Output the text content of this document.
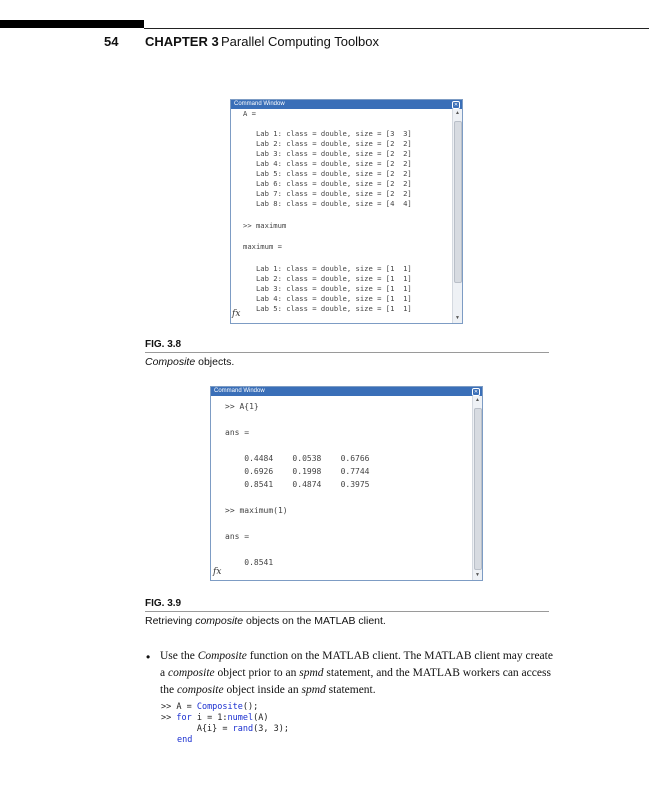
54 CHAPTER 3 Parallel Computing Toolbox
Command Window	✕
A =
Lab 1: class = double, size = [3  3]
Lab 2: class = double, size = [2  2]
Lab 3: class = double, size = [2  2]
Lab 4: class = double, size = [2  2]
Lab 5: class = double, size = [2  2]
Lab 6: class = double, size = [2  2]
Lab 7: class = double, size = [2  2]
Lab 8: class = double, size = [4  4]
>> maximum
maximum =
Lab 1: class = double, size = [1  1]
Lab 2: class = double, size = [1  1]
Lab 3: class = double, size = [1  1]
Lab 4: class = double, size = [1  1]
Lab 5: class = double, size = [1  1]
fx
▲
▼
FIG. 3.8
Composite objects.
Command Window	✕
>> A{1}
ans =
0.4484    0.0538    0.6766
0.6926    0.1998    0.7744
0.8541    0.4874    0.3975
>> maximum(1)
ans =
0.8541
fx
▲
▼
FIG. 3.9
Retrieving composite objects on the MATLAB client.
• Use the Composite function on the MATLAB client. The MATLAB client may create a composite object prior to an spmd statement, and the MATLAB workers can access the composite object inside an spmd statement.
>> A = Composite();
>> for i = 1:numel(A)
A{i} = rand(3, 3);
end
